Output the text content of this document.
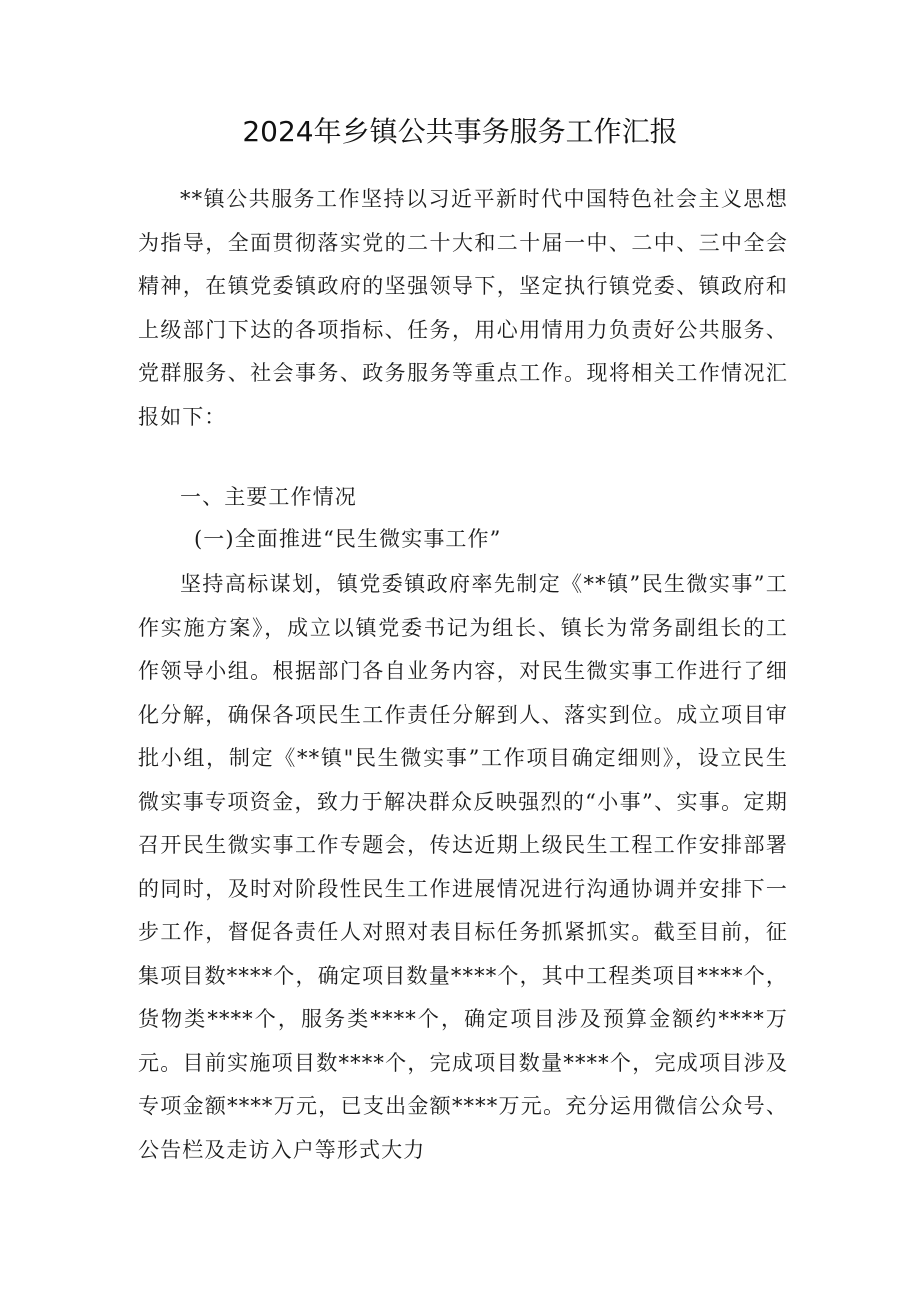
2024年乡镇公共事务服务工作汇报
**镇公共服务工作坚持以习近平新时代中国特色社会主义思想为指导，全面贯彻落实党的二十大和二十届一中、二中、三中全会精神，在镇党委镇政府的坚强领导下，坚定执行镇党委、镇政府和上级部门下达的各项指标、任务，用心用情用力负责好公共服务、党群服务、社会事务、政务服务等重点工作。现将相关工作情况汇报如下：
一、主要工作情况
(一)全面推进“民生微实事工作”
坚持高标谋划，镇党委镇政府率先制定《**镇”民生微实事”工作实施方案》，成立以镇党委书记为组长、镇长为常务副组长的工作领导小组。根据部门各自业务内容，对民生微实事工作进行了细化分解，确保各项民生工作责任分解到人、落实到位。成立项目审批小组，制定《**镇"民生微实事”工作项目确定细则》，设立民生微实事专项资金，致力于解决群众反映强烈的“小事”、实事。定期召开民生微实事工作专题会，传达近期上级民生工程工作安排部署的同时，及时对阶段性民生工作进展情况进行沟通协调并安排下一步工作，督促各责任人对照对表目标任务抓紧抓实。截至目前，征集项目数****个，确定项目数量****个，其中工程类项目****个，货物类****个，服务类****个，确定项目涉及预算金额约****万元。目前实施项目数****个，完成项目数量****个，完成项目涉及专项金额****万元，已支出金额****万元。充分运用微信公众号、公告栏及走访入户等形式大力
